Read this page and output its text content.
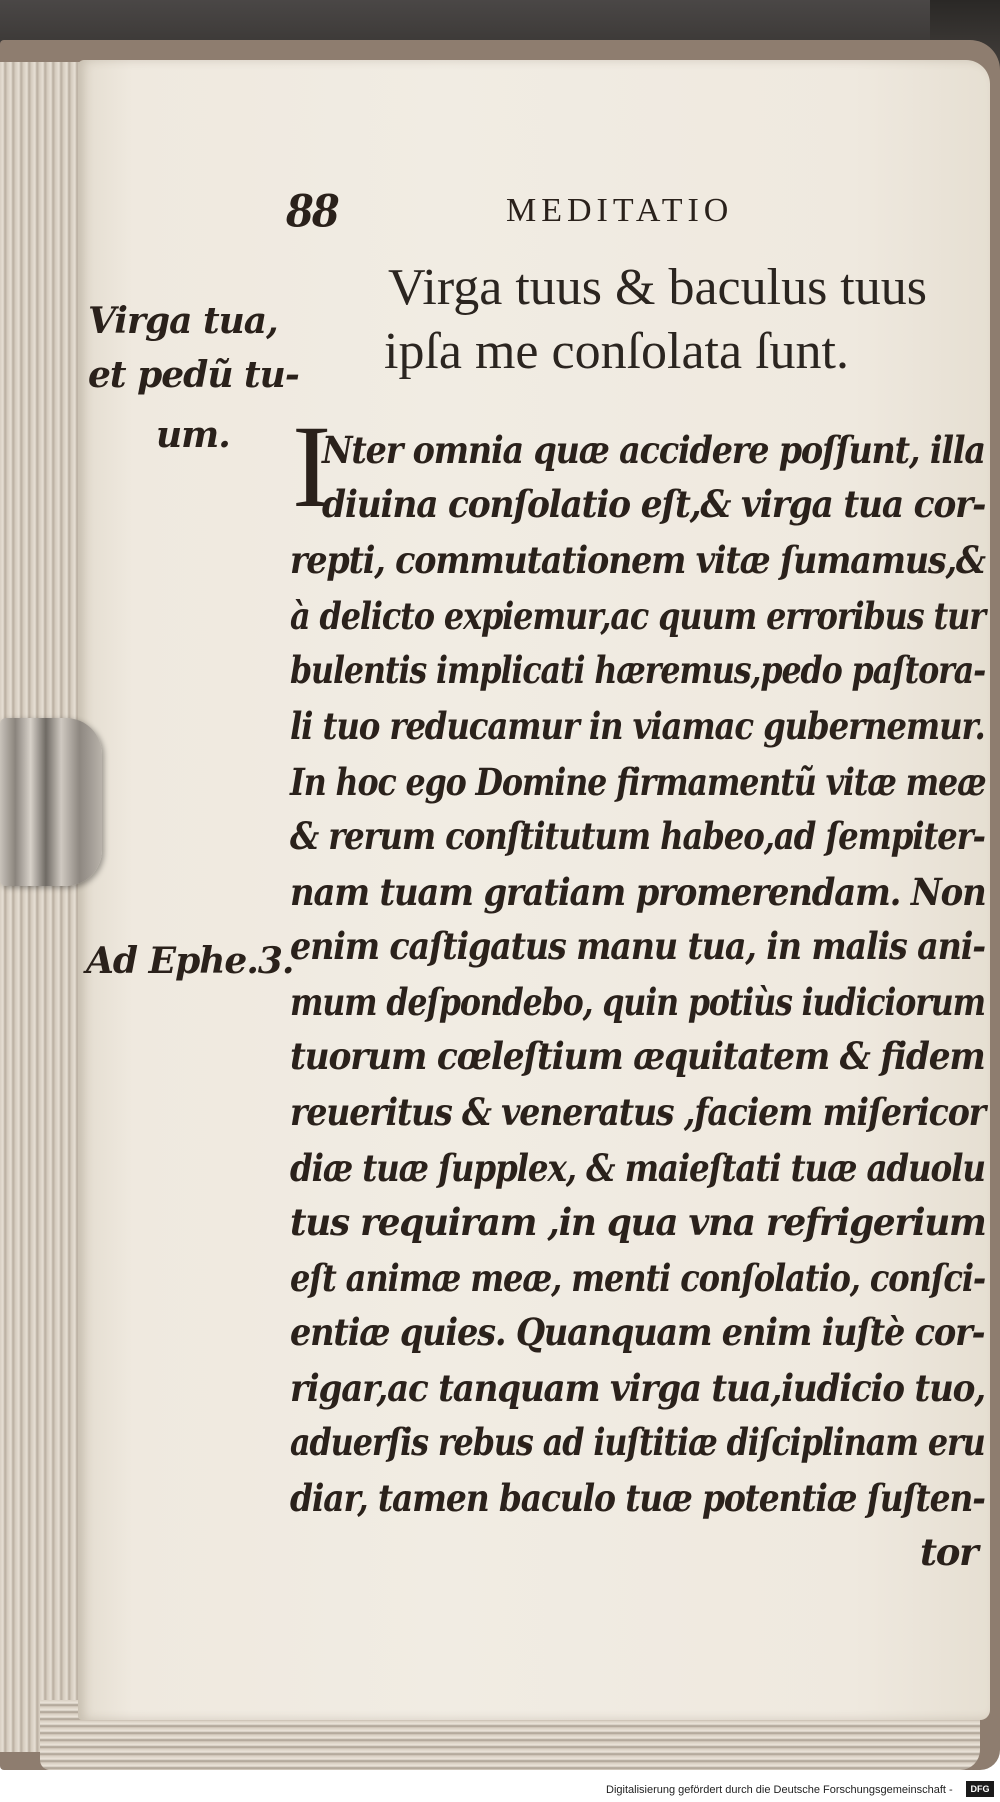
88	MEDITATIO
Virga tuus & baculus tuus
ipſa me conſolata ſunt.
Virga tua,
et pedũ tu-
um.
Ad Ephe.3.
I
Nter omnia quæ accidere poſſunt, illa
diuina conſolatio eſt,& virga tua cor-
repti, commutationem vitæ ſumamus,&
à delicto expiemur,ac quum erroribus tur
bulentis implicati hæremus,pedo paſtora-
li tuo reducamur in viamac gubernemur.
In hoc ego Domine firmamentũ vitæ meæ
& rerum conſtitutum habeo,ad ſempiter-
nam tuam gratiam promerendam. Non
enim caſtigatus manu tua, in malis ani-
mum deſpondebo, quin potiùs iudiciorum
tuorum cœleſtium æquitatem & fidem
reueritus & veneratus ,faciem miſericor
diæ tuæ ſupplex, & maieſtati tuæ aduolu
tus requiram ,in qua vna refrigerium
eſt animæ meæ, menti conſolatio, conſci-
entiæ quies. Quanquam enim iuſtè cor-
rigar,ac tanquam virga tua,iudicio tuo,
aduerſis rebus ad iuſtitiæ diſciplinam eru
diar, tamen baculo tuæ potentiæ ſuſten-
tor
Digitalisierung gefördert durch die Deutsche Forschungsgemeinschaft -	DFG
